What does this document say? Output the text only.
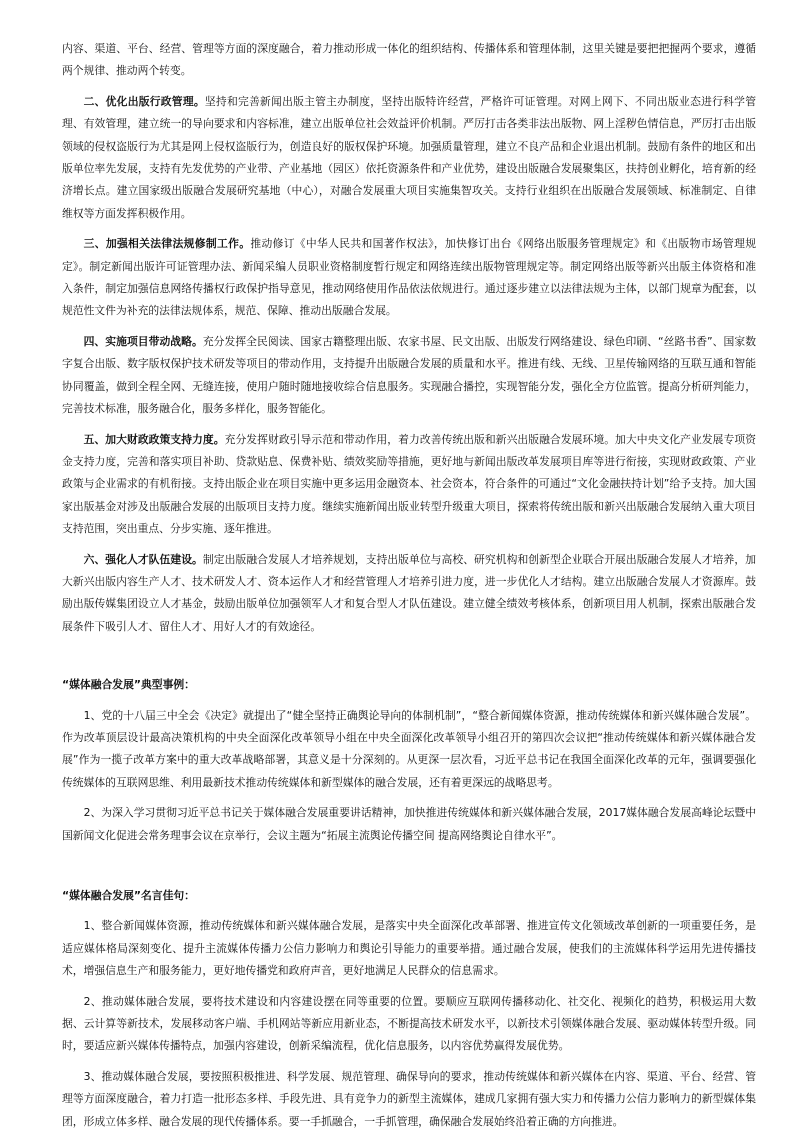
内容、渠道、平台、经营、管理等方面的深度融合，着力推动形成一体化的组织结构、传播体系和管理体制，这里关键是要把把握两个要求，遵循两个规律、推动两个转变。

二、优化出版行政管理。坚持和完善新闻出版主管主办制度，坚持出版特许经营，严格许可证管理。对网上网下、不同出版业态进行科学管理、有效管理，建立统一的导向要求和内容标准，建立出版单位社会效益评价机制。严厉打击各类非法出版物、网上淫秽色情信息，严厉打击出版领域的侵权盗版行为尤其是网上侵权盗版行为，创造良好的版权保护环境。加强质量管理，建立不良产品和企业退出机制。鼓励有条件的地区和出版单位率先发展，支持有先发优势的产业带、产业基地（园区）依托资源条件和产业优势，建设出版融合发展聚集区，扶持创业孵化，培育新的经济增长点。建立国家级出版融合发展研究基地（中心），对融合发展重大项目实施集智攻关。支持行业组织在出版融合发展领域、标准制定、自律维权等方面发挥积极作用。

三、加强相关法律法规修制工作。推动修订《中华人民共和国著作权法》，加快修订出台《网络出版服务管理规定》和《出版物市场管理规定》。制定新闻出版许可证管理办法、新闻采编人员职业资格制度暂行规定和网络连续出版物管理规定等。制定网络出版等新兴出版主体资格和准入条件，制定加强信息网络传播权行政保护指导意见，推动网络使用作品依法依规进行。通过逐步建立以法律法规为主体，以部门规章为配套，以规范性文件为补充的法律法规体系，规范、保障、推动出版融合发展。

四、实施项目带动战略。充分发挥全民阅读、国家古籍整理出版、农家书屋、民文出版、出版发行网络建设、绿色印刷、“丝路书香”、国家数字复合出版、数字版权保护技术研发等项目的带动作用，支持提升出版融合发展的质量和水平。推进有线、无线、卫星传输网络的互联互通和智能协同覆盖，做到全程全网、无缝连接，使用户随时随地接收综合信息服务。实现融合播控，实现智能分发，强化全方位监管。提高分析研判能力，完善技术标准，服务融合化，服务多样化，服务智能化。

五、加大财政政策支持力度。充分发挥财政引导示范和带动作用，着力改善传统出版和新兴出版融合发展环境。加大中央文化产业发展专项资金支持力度，完善和落实项目补助、贷款贴息、保费补贴、绩效奖励等措施，更好地与新闻出版改革发展项目库等进行衔接，实现财政政策、产业政策与企业需求的有机衔接。支持出版企业在项目实施中更多运用金融资本、社会资本，符合条件的可通过“文化金融扶持计划”给予支持。加大国家出版基金对涉及出版融合发展的出版项目支持力度。继续实施新闻出版业转型升级重大项目，探索将传统出版和新兴出版融合发展纳入重大项目支持范围，突出重点、分步实施、逐年推进。

六、强化人才队伍建设。制定出版融合发展人才培养规划，支持出版单位与高校、研究机构和创新型企业联合开展出版融合发展人才培养，加大新兴出版内容生产人才、技术研发人才、资本运作人才和经营管理人才培养引进力度，进一步优化人才结构。建立出版融合发展人才资源库。鼓励出版传媒集团设立人才基金，鼓励出版单位加强领军人才和复合型人才队伍建设。建立健全绩效考核体系，创新项目用人机制，探索出版融合发展条件下吸引人才、留住人才、用好人才的有效途径。

“媒体融合发展”典型事例：

1、党的十八届三中全会《决定》就提出了“健全坚持正确舆论导向的体制机制”，“整合新闻媒体资源，推动传统媒体和新兴媒体融合发展”。作为改革顶层设计最高决策机构的中央全面深化改革领导小组在中央全面深化改革领导小组召开的第四次会议把“推动传统媒体和新兴媒体融合发展”作为一揽子改革方案中的重大改革战略部署，其意义是十分深刻的。从更深一层次看，习近平总书记在我国全面深化改革的元年，强调要强化传统媒体的互联网思维、利用最新技术推动传统媒体和新型媒体的融合发展，还有着更深远的战略思考。

2、为深入学习贯彻习近平总书记关于媒体融合发展重要讲话精神，加快推进传统媒体和新兴媒体融合发展，2017媒体融合发展高峰论坛暨中国新闻文化促进会常务理事会议在京举行，会议主题为“拓展主流舆论传播空间 提高网络舆论自律水平”。

“媒体融合发展”名言佳句：

1、整合新闻媒体资源，推动传统媒体和新兴媒体融合发展，是落实中央全面深化改革部署、推进宣传文化领域改革创新的一项重要任务，是适应媒体格局深刻变化、提升主流媒体传播力公信力影响力和舆论引导能力的重要举措。通过融合发展，使我们的主流媒体科学运用先进传播技术，增强信息生产和服务能力，更好地传播党和政府声音，更好地满足人民群众的信息需求。

2、推动媒体融合发展，要将技术建设和内容建设摆在同等重要的位置。要顺应互联网传播移动化、社交化、视频化的趋势，积极运用大数据、云计算等新技术，发展移动客户端、手机网站等新应用新业态，不断提高技术研发水平，以新技术引领媒体融合发展、驱动媒体转型升级。同时，要适应新兴媒体传播特点，加强内容建设，创新采编流程，优化信息服务，以内容优势赢得发展优势。

3、推动媒体融合发展，要按照积极推进、科学发展、规范管理、确保导向的要求，推动传统媒体和新兴媒体在内容、渠道、平台、经营、管理等方面深度融合，着力打造一批形态多样、手段先进、具有竞争力的新型主流媒体，建成几家拥有强大实力和传播力公信力影响力的新型媒体集团，形成立体多样、融合发展的现代传播体系。要一手抓融合，一手抓管理，确保融合发展始终沿着正确的方向推进。
